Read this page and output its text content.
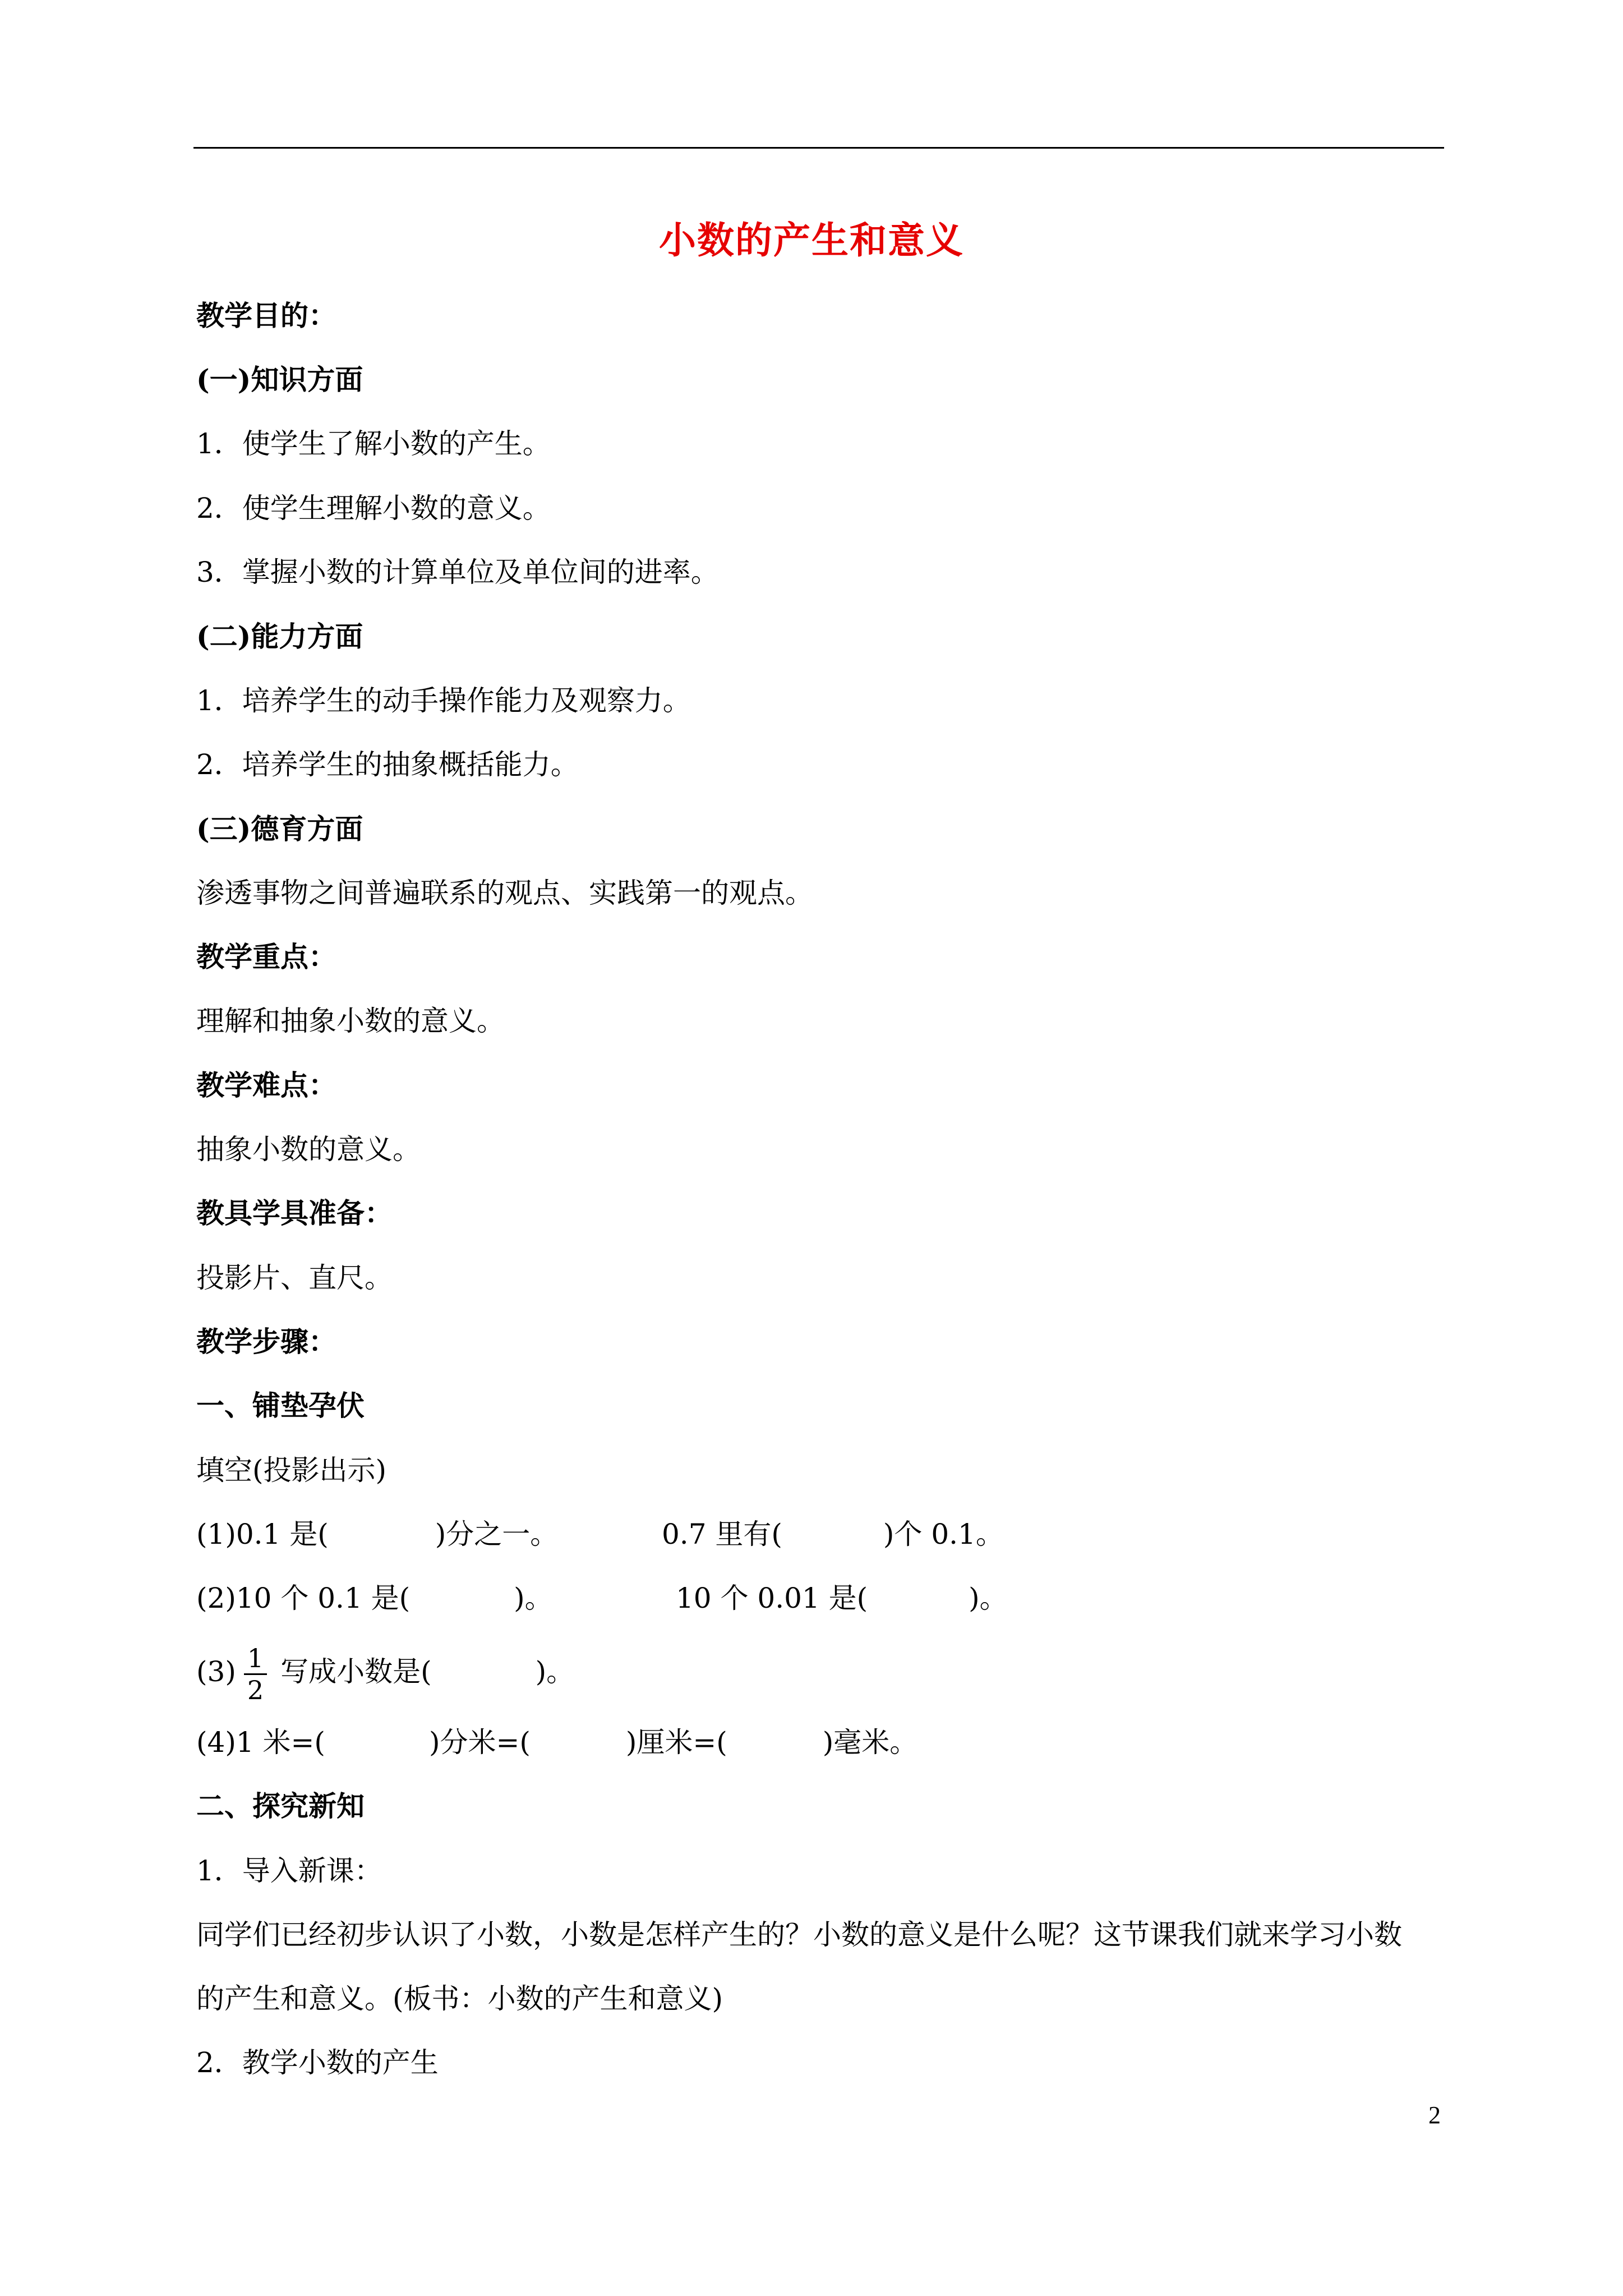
小数的产生和意义
教学目的：
(一)知识方面
1．使学生了解小数的产生。
2．使学生理解小数的意义。
3．掌握小数的计算单位及单位间的进率。
(二)能力方面
1．培养学生的动手操作能力及观察力。
2．培养学生的抽象概括能力。
(三)德育方面
渗透事物之间普遍联系的观点、实践第一的观点。
教学重点：
理解和抽象小数的意义。
教学难点：
抽象小数的意义。
教具学具准备：
投影片、直尺。
教学步骤：
一、铺垫孕伏
填空(投影出示)
(1)0.1 是(	)分之一。	0.7 里有(	)个 0.1。
(2)10 个 0.1 是(	)。	10 个 0.01 是(	)。
$(3) \frac{1}{2}$ 写成小数是(	)。
(4)1 米=(	)分米=(	)厘米=(	)毫米。
二、探究新知
1．导入新课：
同学们已经初步认识了小数，小数是怎样产生的？小数的意义是什么呢？这节课我们就来学习小数
的产生和意义。(板书：小数的产生和意义)
2．教学小数的产生
2
